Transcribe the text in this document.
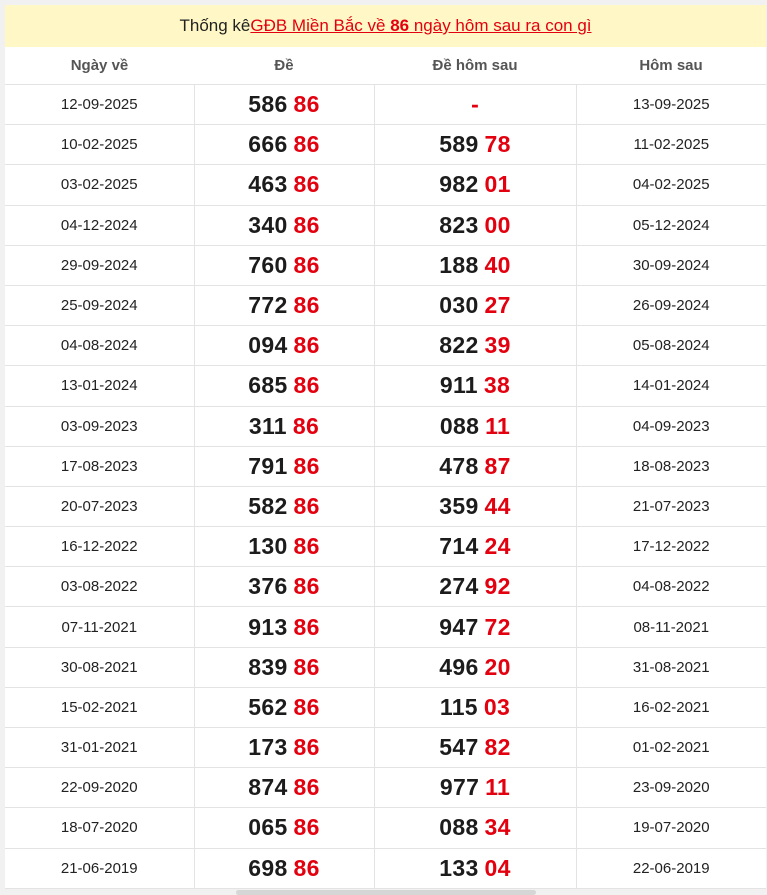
Thống kê GĐB Miền Bắc về 86 ngày hôm sau ra con gì
Ngày về	Đề	Đề hôm sau	Hôm sau
12-09-2025	586 86	-	13-09-2025
10-02-2025	666 86	589 78	11-02-2025
03-02-2025	463 86	982 01	04-02-2025
04-12-2024	340 86	823 00	05-12-2024
29-09-2024	760 86	188 40	30-09-2024
25-09-2024	772 86	030 27	26-09-2024
04-08-2024	094 86	822 39	05-08-2024
13-01-2024	685 86	911 38	14-01-2024
03-09-2023	311 86	088 11	04-09-2023
17-08-2023	791 86	478 87	18-08-2023
20-07-2023	582 86	359 44	21-07-2023
16-12-2022	130 86	714 24	17-12-2022
03-08-2022	376 86	274 92	04-08-2022
07-11-2021	913 86	947 72	08-11-2021
30-08-2021	839 86	496 20	31-08-2021
15-02-2021	562 86	115 03	16-02-2021
31-01-2021	173 86	547 82	01-02-2021
22-09-2020	874 86	977 11	23-09-2020
18-07-2020	065 86	088 34	19-07-2020
21-06-2019	698 86	133 04	22-06-2019
